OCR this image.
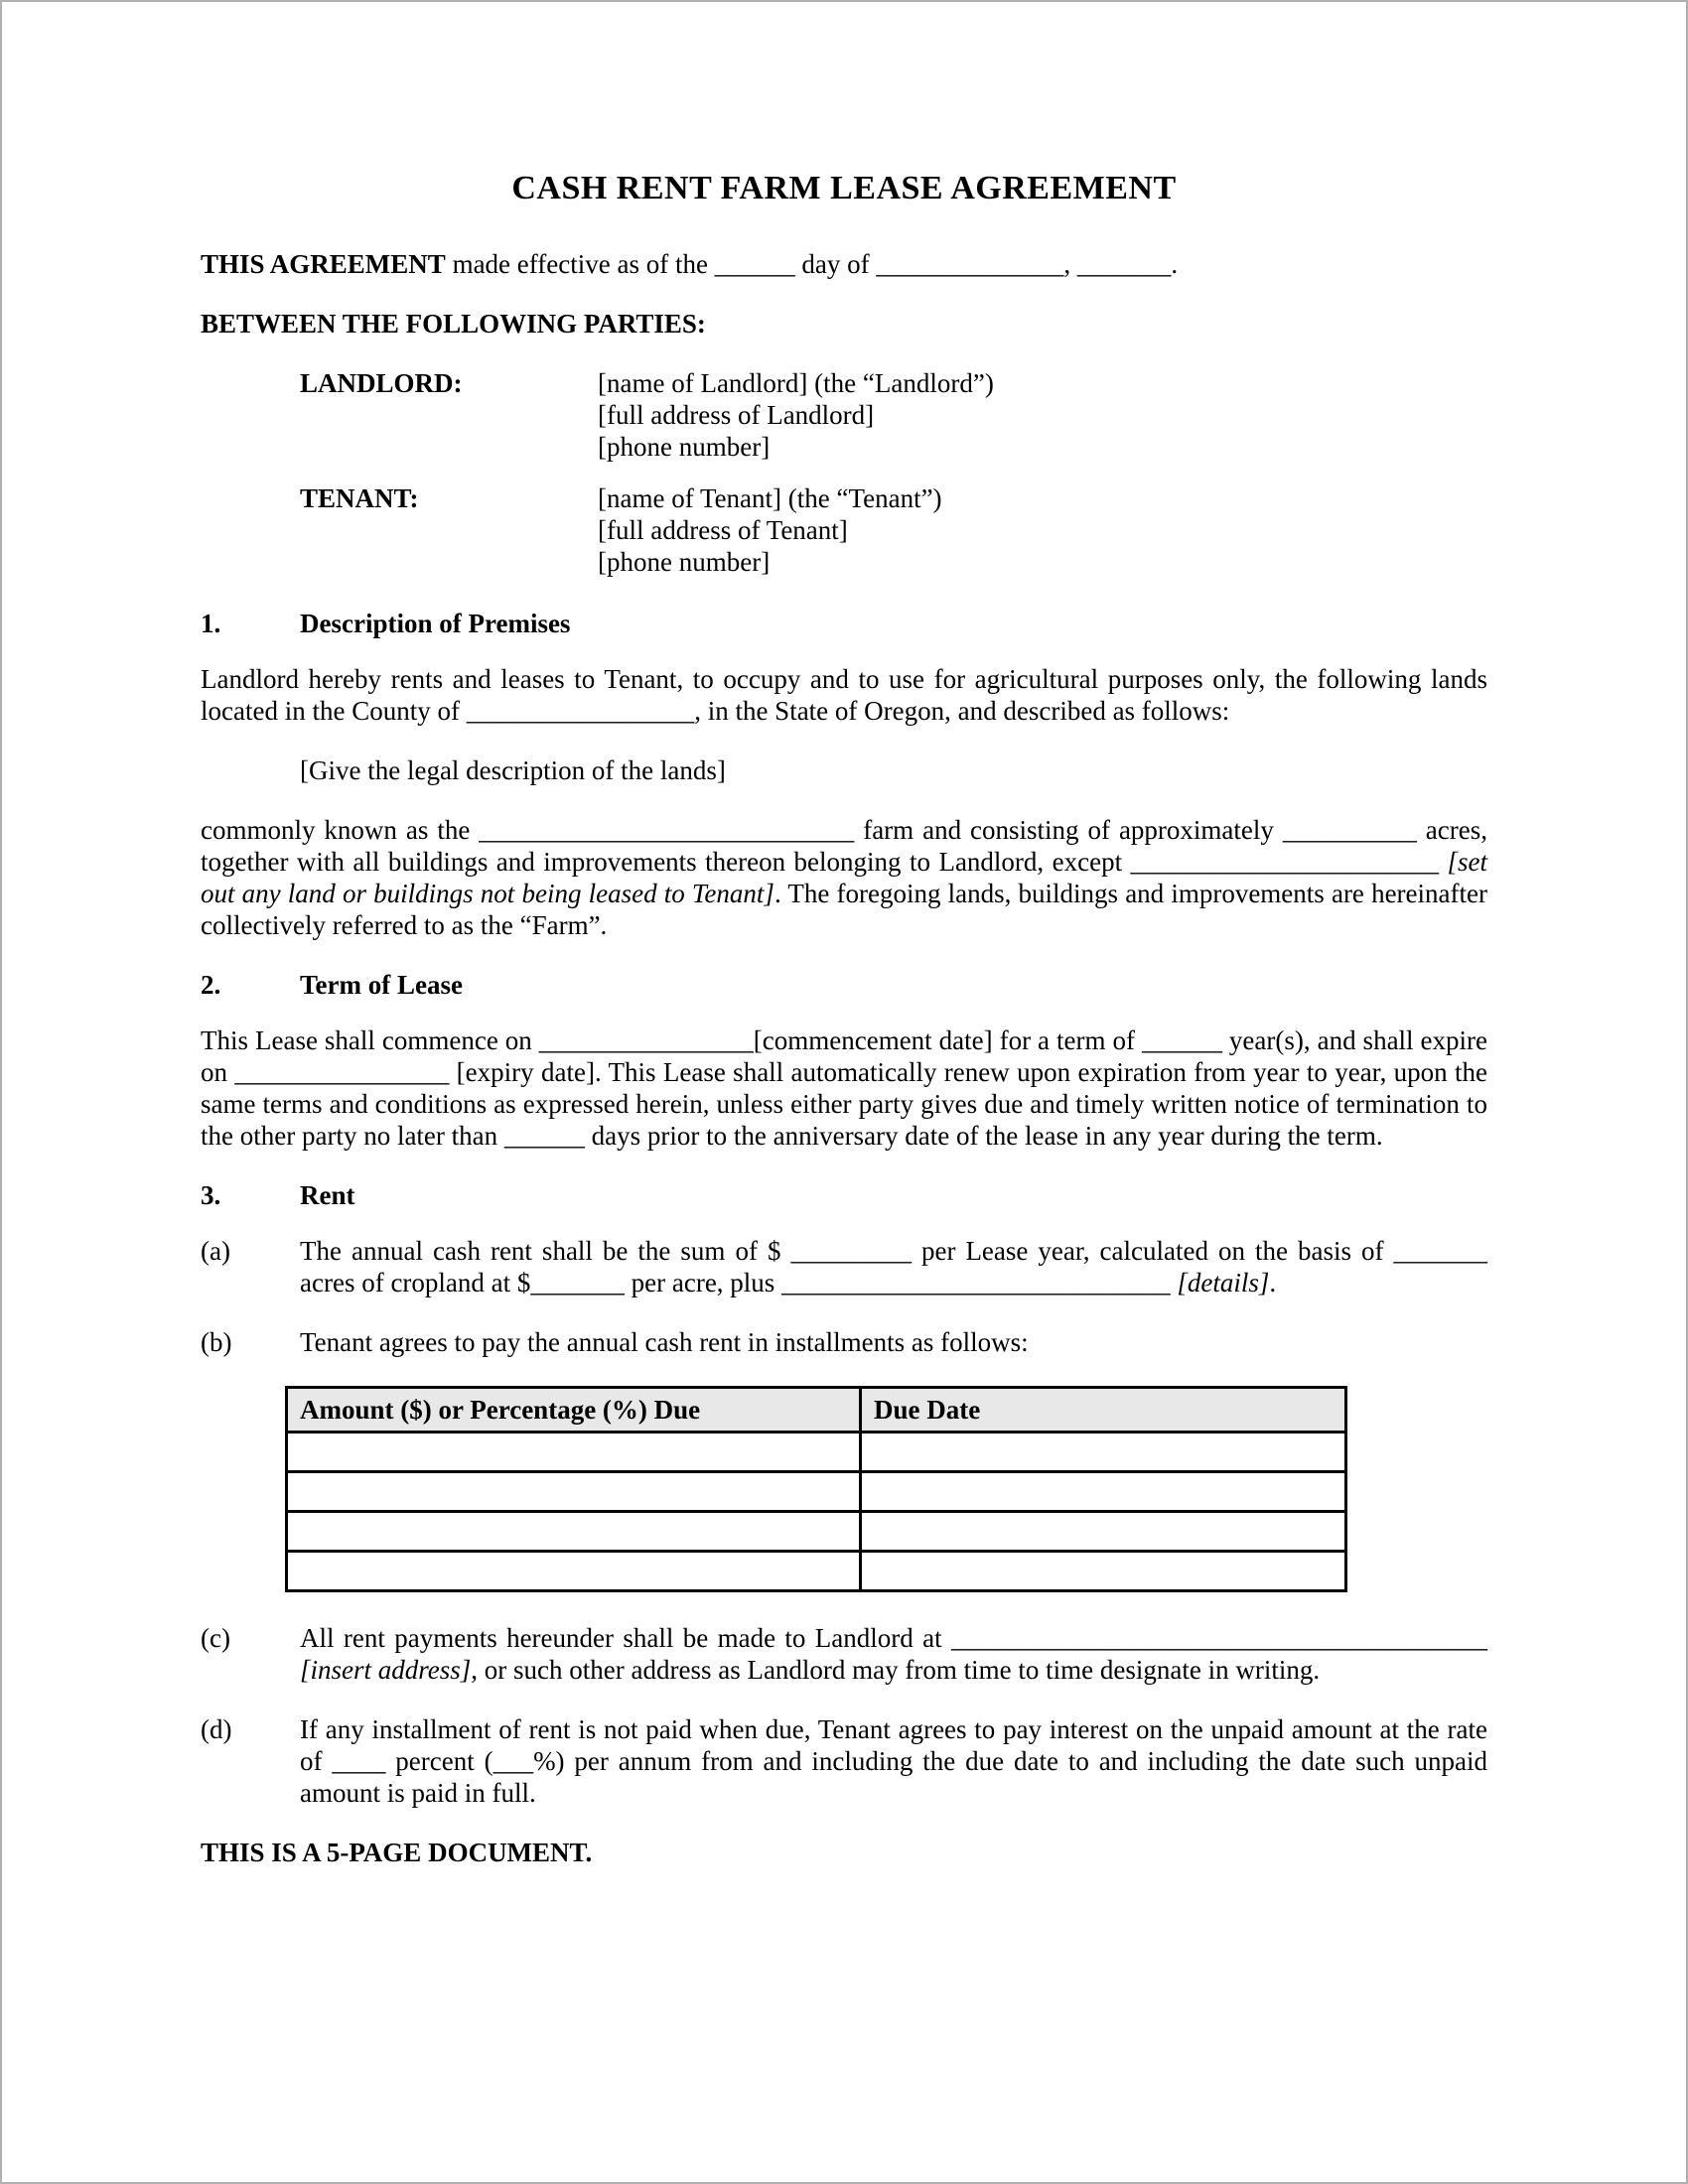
CASH RENT FARM LEASE AGREEMENT

THIS AGREEMENT made effective as of the ______ day of ______________, _______.

BETWEEN THE FOLLOWING PARTIES:

LANDLORD:	[name of Landlord] (the “Landlord”)
[full address of Landlord]
[phone number]
TENANT:	[name of Tenant] (the “Tenant”)
[full address of Tenant]
[phone number]
1.	Description of Premises

Landlord hereby rents and leases to Tenant, to occupy and to use for agricultural purposes only, the following lands located in the County of _________________, in the State of Oregon, and described as follows:

[Give the legal description of the lands]

commonly known as the ____________________________ farm and consisting of approximately __________ acres, together with all buildings and improvements thereon belonging to Landlord, except _______________________ [set out any land or buildings not being leased to Tenant]. The foregoing lands, buildings and improvements are hereinafter collectively referred to as the “Farm”.

2.	Term of Lease

This Lease shall commence on ________________[commencement date] for a term of ______ year(s), and shall expire on ________________ [expiry date]. This Lease shall automatically renew upon expiration from year to year, upon the same terms and conditions as expressed herein, unless either party gives due and timely written notice of termination to the other party no later than ______ days prior to the anniversary date of the lease in any year during the term.

3.	Rent
(a)	The annual cash rent shall be the sum of $ _________ per Lease year, calculated on the basis of _______ acres of cropland at $_______ per acre, plus _____________________________ [details].
(b)	Tenant agrees to pay the annual cash rent in installments as follows:
Amount ($) or Percentage (%) Due	Due Date

(c)	All rent payments hereunder shall be made to Landlord at ________________________________________ [insert address], or such other address as Landlord may from time to time designate in writing.
(d)	If any installment of rent is not paid when due, Tenant agrees to pay interest on the unpaid amount at the rate of ____ percent (___%) per annum from and including the due date to and including the date such unpaid amount is paid in full.

THIS IS A 5-PAGE DOCUMENT.
